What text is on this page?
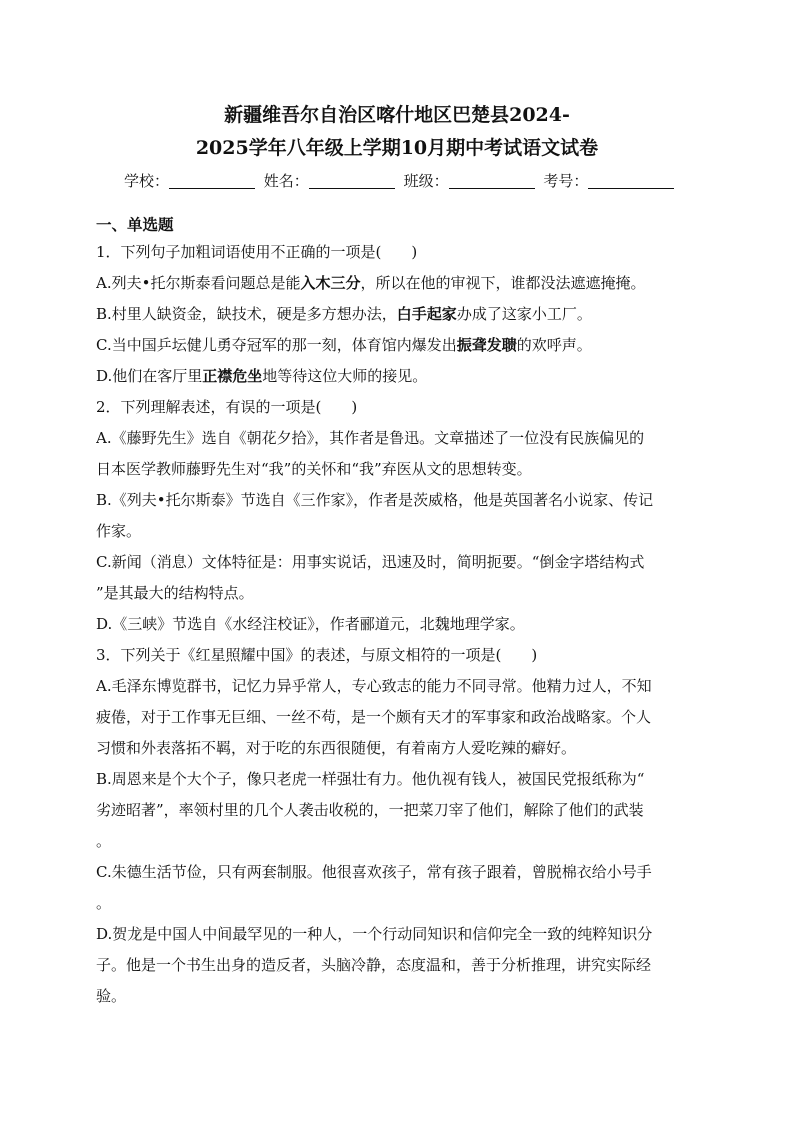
新疆维吾尔自治区喀什地区巴楚县2024-
2025学年八年级上学期10月期中考试语文试卷
学校：	姓名：	班级：	考号：
一、单选题
1．下列句子加粗词语使用不正确的一项是(　　)
A.列夫•托尔斯泰看问题总是能入木三分，所以在他的审视下，谁都没法遮遮掩掩。
B.村里人缺资金，缺技术，硬是多方想办法，白手起家办成了这家小工厂。
C.当中国乒坛健儿勇夺冠军的那一刻，体育馆内爆发出振聋发聩的欢呼声。
D.他们在客厅里正襟危坐地等待这位大师的接见。
2．下列理解表述，有误的一项是(　　)
A.《藤野先生》选自《朝花夕拾》，其作者是鲁迅。文章描述了一位没有民族偏见的
日本医学教师藤野先生对“我”的关怀和“我”弃医从文的思想转变。
B.《列夫•托尔斯泰》节选自《三作家》，作者是茨威格，他是英国著名小说家、传记
作家。
C.新闻（消息）文体特征是：用事实说话，迅速及时，简明扼要。“倒金字塔结构式
”是其最大的结构特点。
D.《三峡》节选自《水经注校证》，作者郦道元，北魏地理学家。
3．下列关于《红星照耀中国》的表述，与原文相符的一项是(　　)
A.毛泽东博览群书，记忆力异乎常人，专心致志的能力不同寻常。他精力过人，不知
疲倦，对于工作事无巨细、一丝不苟，是一个颇有天才的军事家和政治战略家。个人
习惯和外表落拓不羁，对于吃的东西很随便，有着南方人爱吃辣的癖好。
B.周恩来是个大个子，像只老虎一样强壮有力。他仇视有钱人，被国民党报纸称为“
劣迹昭著”，率领村里的几个人袭击收税的，一把菜刀宰了他们，解除了他们的武装
。
C.朱德生活节俭，只有两套制服。他很喜欢孩子，常有孩子跟着，曾脱棉衣给小号手
。
D.贺龙是中国人中间最罕见的一种人，一个行动同知识和信仰完全一致的纯粹知识分
子。他是一个书生出身的造反者，头脑冷静，态度温和，善于分析推理，讲究实际经
验。
